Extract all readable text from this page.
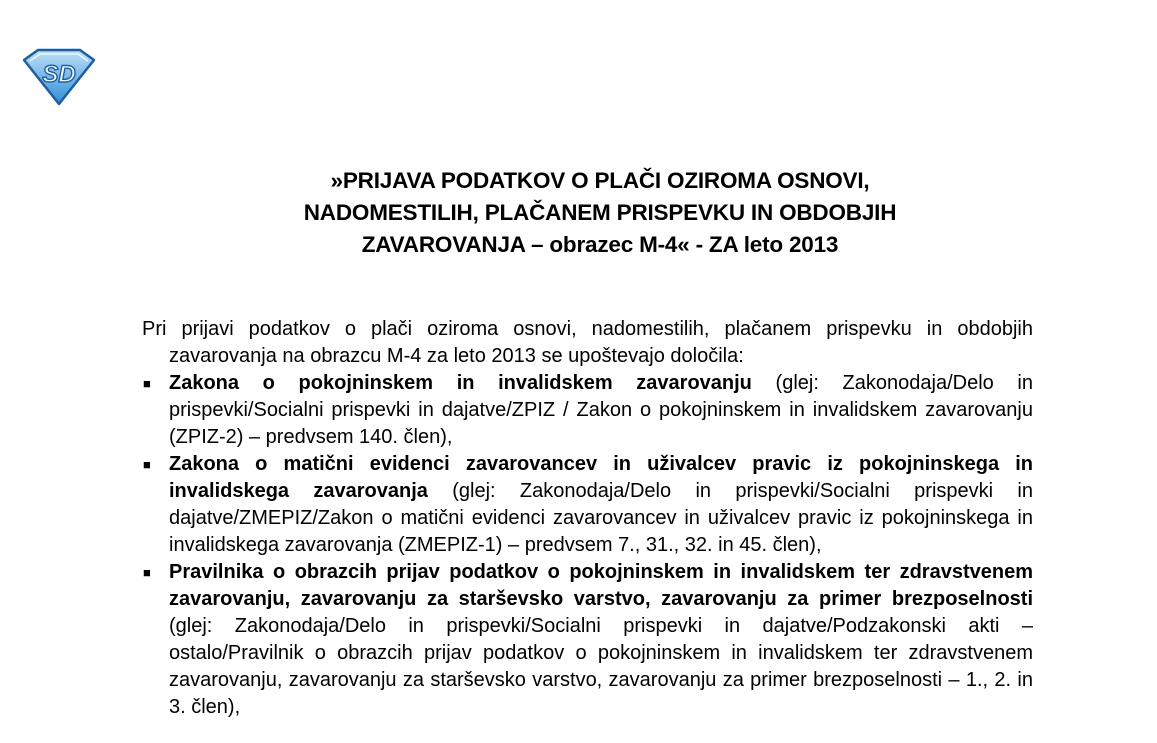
SD
»PRIJAVA PODATKOV O PLAČI OZIROMA OSNOVI,
NADOMESTILIH, PLAČANEM PRISPEVKU IN OBDOBJIH
ZAVAROVANJA – obrazec M-4« - ZA leto 2013

Pri prijavi podatkov o plači oziroma osnovi, nadomestilih, plačanem prispevku in obdobjih zavarovanja na obrazcu M-4 za leto 2013 se upoštevajo določila:

■ Zakona o pokojninskem in invalidskem zavarovanju (glej: Zakonodaja/Delo in prispevki/Socialni prispevki in dajatve/ZPIZ / Zakon o pokojninskem in invalidskem zavarovanju (ZPIZ-2) – predvsem 140. člen),
■ Zakona o matični evidenci zavarovancev in uživalcev pravic iz pokojninskega in invalidskega zavarovanja (glej: Zakonodaja/Delo in prispevki/Socialni prispevki in dajatve/ZMEPIZ/Zakon o matični evidenci zavarovancev in uživalcev pravic iz pokojninskega in invalidskega zavarovanja (ZMEPIZ-1) – predvsem 7., 31., 32. in 45. člen),
■ Pravilnika o obrazcih prijav podatkov o pokojninskem in invalidskem ter zdravstvenem zavarovanju, zavarovanju za starševsko varstvo, zavarovanju za primer brezposelnosti (glej: Zakonodaja/Delo in prispevki/Socialni prispevki in dajatve/Podzakonski akti – ostalo/Pravilnik o obrazcih prijav podatkov o pokojninskem in invalidskem ter zdravstvenem zavarovanju, zavarovanju za starševsko varstvo, zavarovanju za primer brezposelnosti – 1., 2. in 3. člen),
